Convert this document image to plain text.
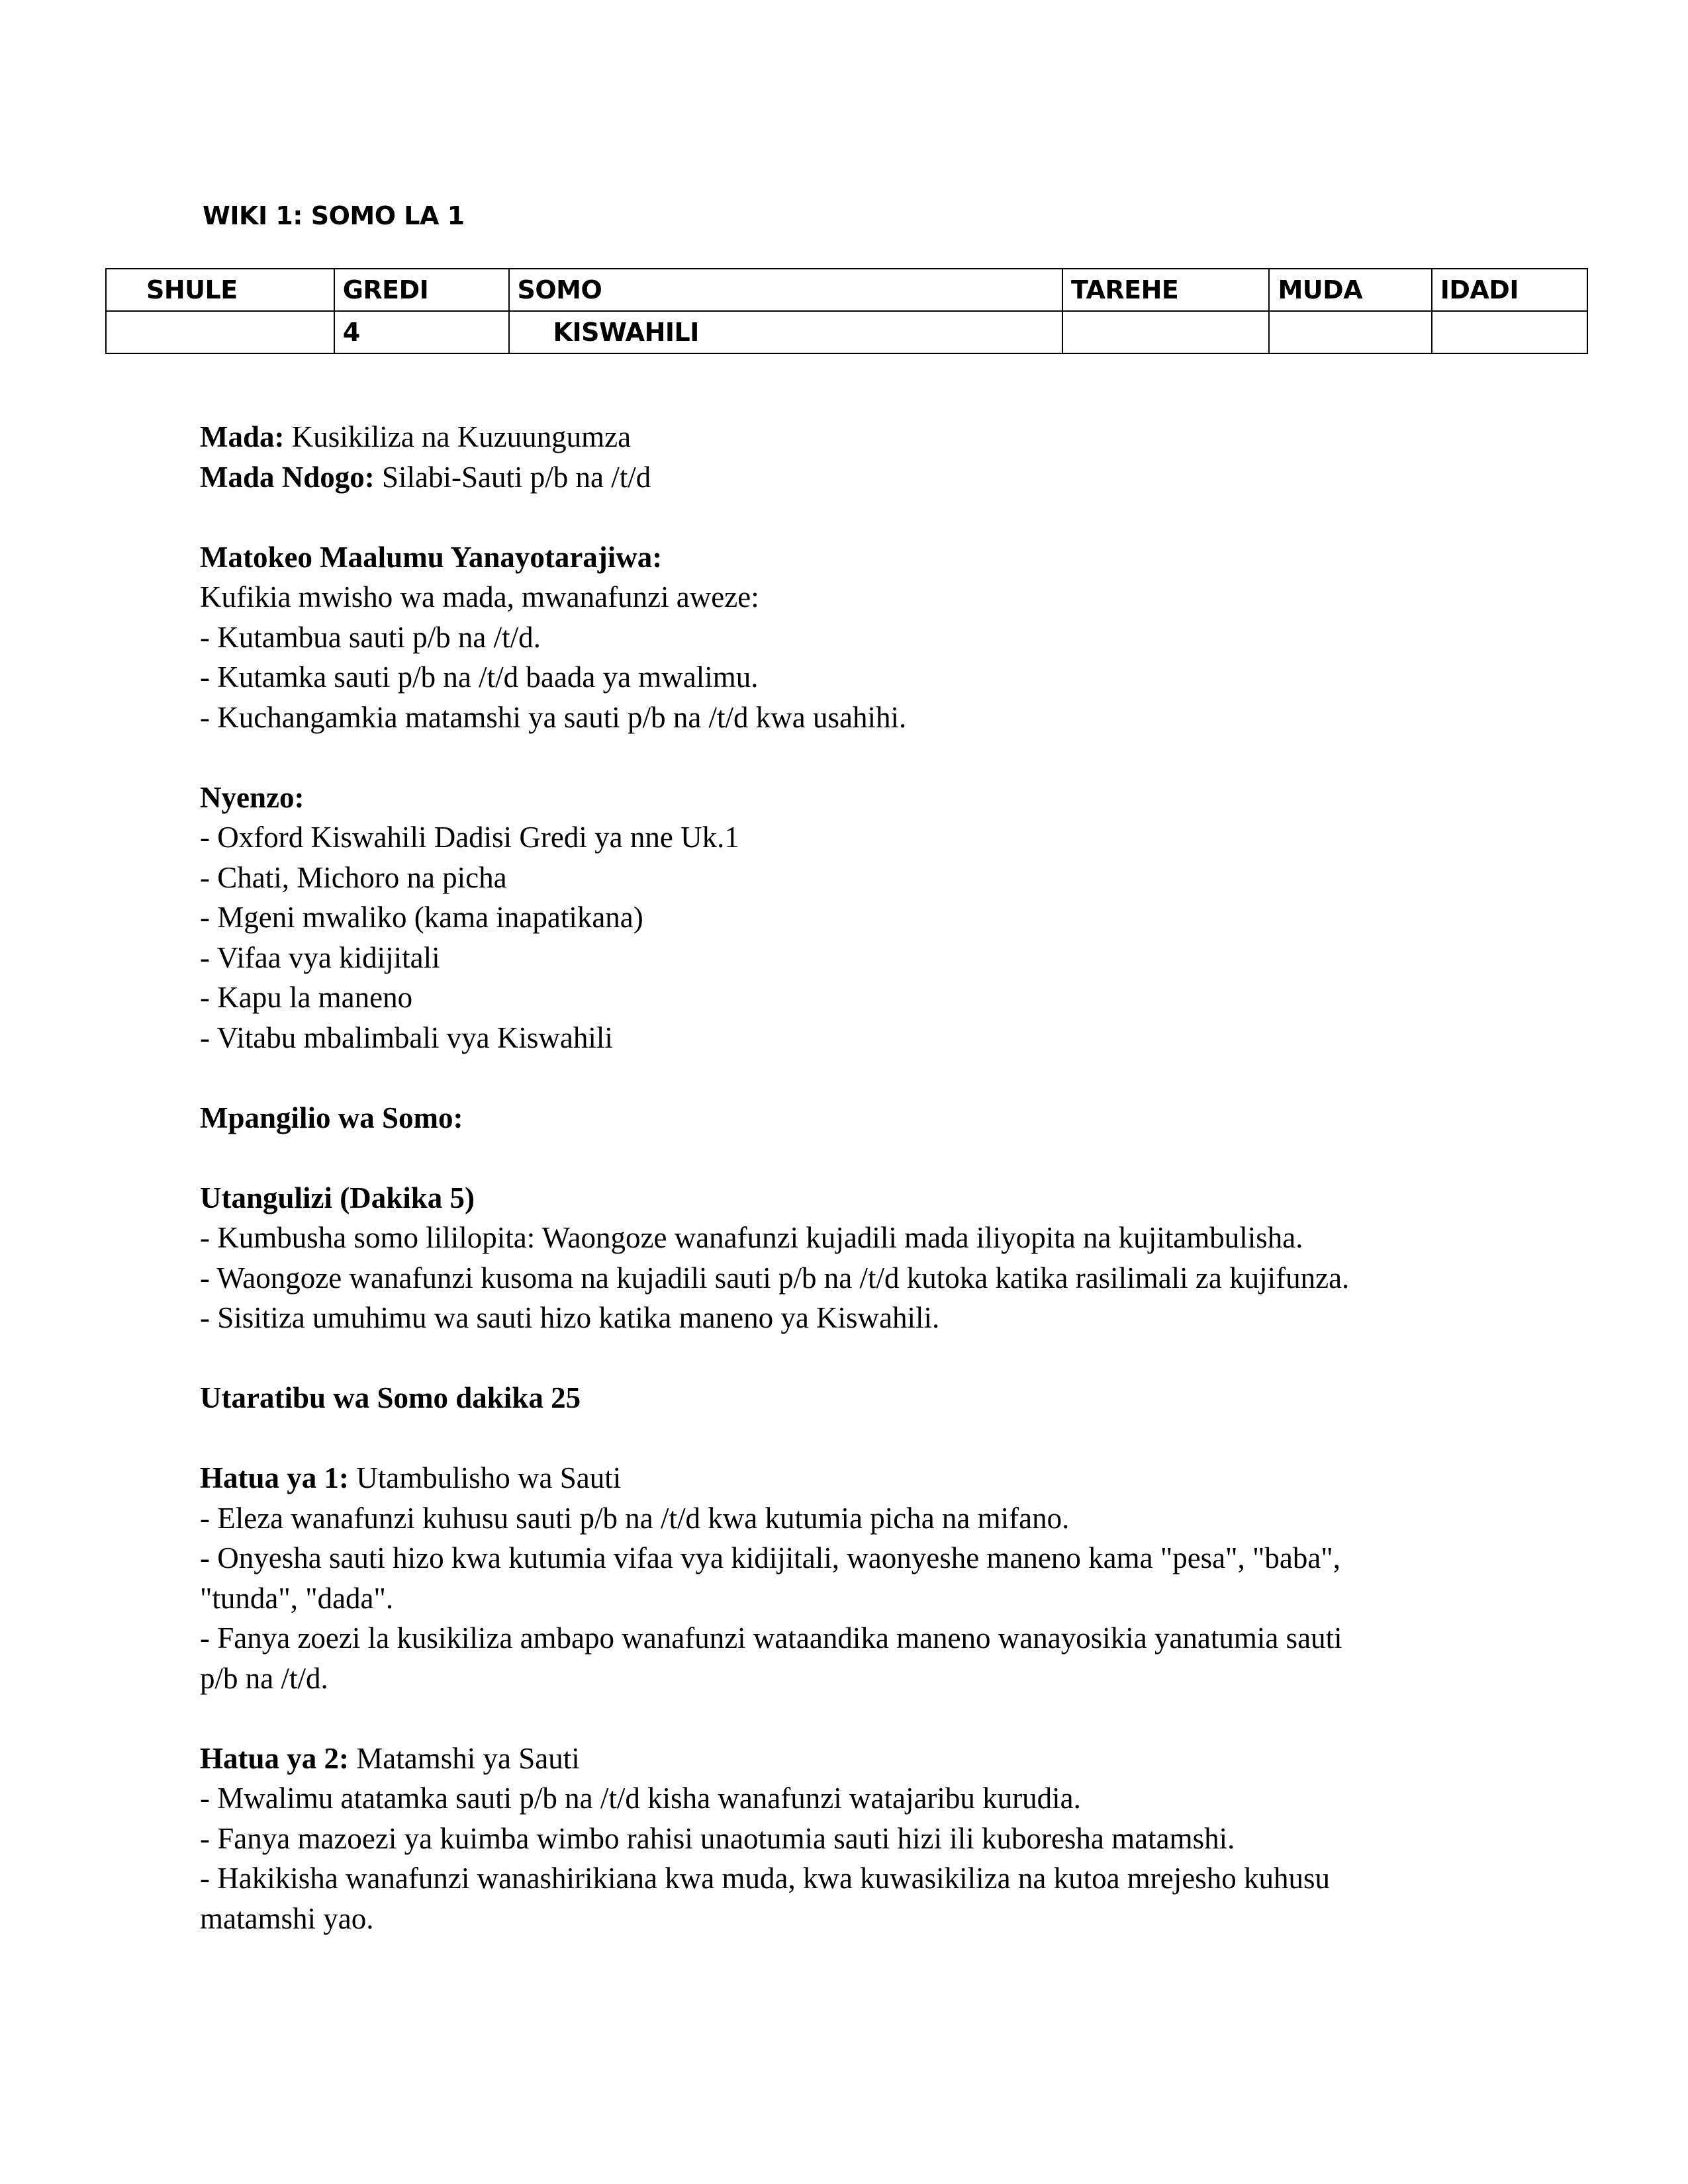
WIKI 1: SOMO LA 1
SHULE	GREDI	SOMO	TAREHE	MUDA	IDADI
	4	KISWAHILI			

Mada: Kusikiliza na Kuzuungumza

Mada Ndogo: Silabi-Sauti p/b na /t/d

Matokeo Maalumu Yanayotarajiwa:

Kufikia mwisho wa mada, mwanafunzi aweze:

- Kutambua sauti p/b na /t/d.

- Kutamka sauti p/b na /t/d baada ya mwalimu.

- Kuchangamkia matamshi ya sauti p/b na /t/d kwa usahihi.

Nyenzo:

- Oxford Kiswahili Dadisi Gredi ya nne Uk.1

- Chati, Michoro na picha

- Mgeni mwaliko (kama inapatikana)

- Vifaa vya kidijitali

- Kapu la maneno

- Vitabu mbalimbali vya Kiswahili

Mpangilio wa Somo:

Utangulizi (Dakika 5)

- Kumbusha somo lililopita: Waongoze wanafunzi kujadili mada iliyopita na kujitambulisha.

- Waongoze wanafunzi kusoma na kujadili sauti p/b na /t/d kutoka katika rasilimali za kujifunza.

- Sisitiza umuhimu wa sauti hizo katika maneno ya Kiswahili.

Utaratibu wa Somo dakika 25

Hatua ya 1: Utambulisho wa Sauti

- Eleza wanafunzi kuhusu sauti p/b na /t/d kwa kutumia picha na mifano.

- Onyesha sauti hizo kwa kutumia vifaa vya kidijitali, waonyeshe maneno kama "pesa", "baba",

"tunda", "dada".

- Fanya zoezi la kusikiliza ambapo wanafunzi wataandika maneno wanayosikia yanatumia sauti

p/b na /t/d.

Hatua ya 2: Matamshi ya Sauti

- Mwalimu atatamka sauti p/b na /t/d kisha wanafunzi watajaribu kurudia.

- Fanya mazoezi ya kuimba wimbo rahisi unaotumia sauti hizi ili kuboresha matamshi.

- Hakikisha wanafunzi wanashirikiana kwa muda, kwa kuwasikiliza na kutoa mrejesho kuhusu

matamshi yao.
